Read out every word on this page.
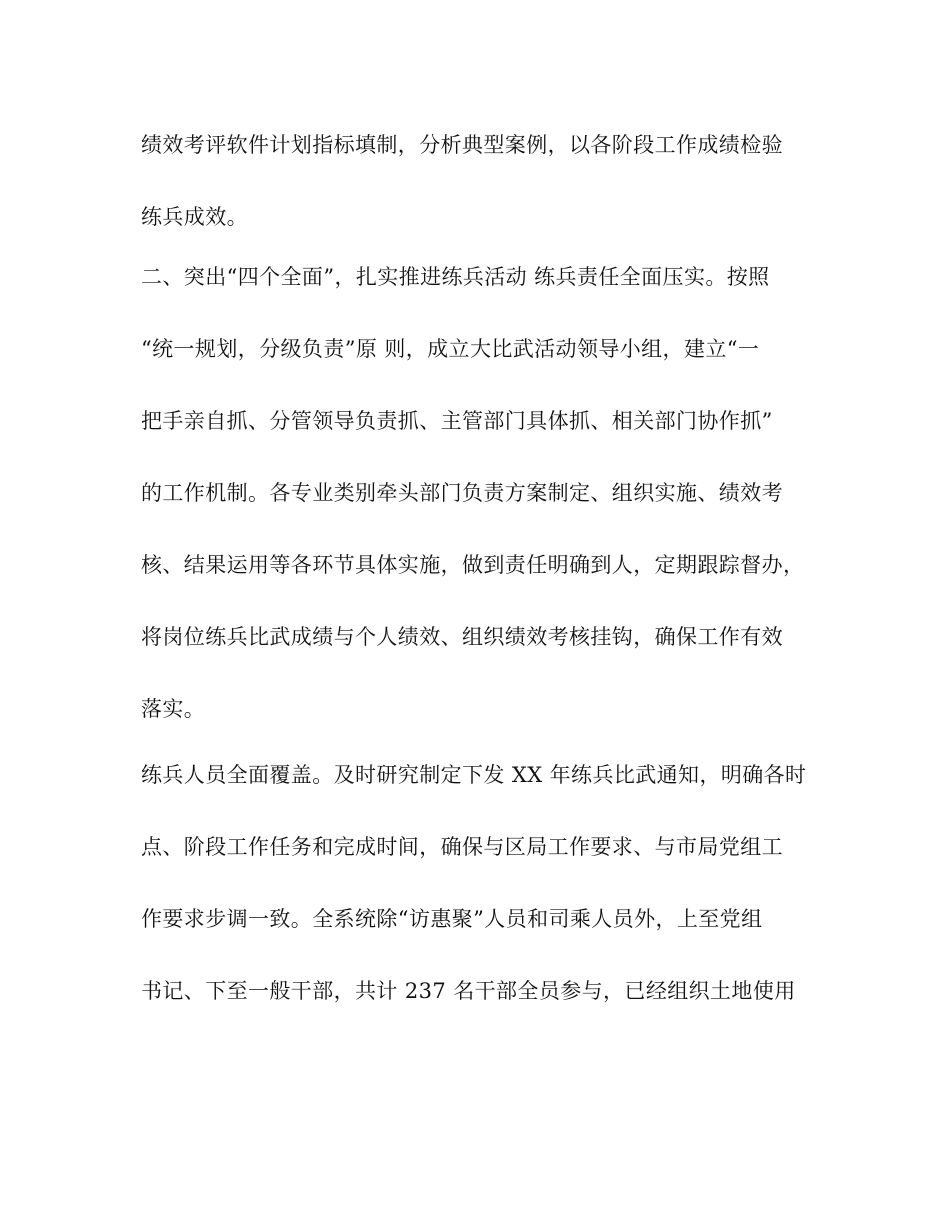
绩效考评软件计划指标填制，分析典型案例，以各阶段工作成绩检验
练兵成效。
二、突出“四个全面”，扎实推进练兵活动 练兵责任全面压实。按照
“统一规划，分级负责”原 则，成立大比武活动领导小组，建立“一
把手亲自抓、分管领导负责抓、主管部门具体抓、相关部门协作抓”
的工作机制。各专业类别牵头部门负责方案制定、组织实施、绩效考
核、结果运用等各环节具体实施，做到责任明确到人，定期跟踪督办，
将岗位练兵比武成绩与个人绩效、组织绩效考核挂钩，确保工作有效
落实。
练兵人员全面覆盖。及时研究制定下发 XX 年练兵比武通知，明确各时
点、阶段工作任务和完成时间，确保与区局工作要求、与市局党组工
作要求步调一致。全系统除“访惠聚”人员和司乘人员外，上至党组
书记、下至一般干部，共计 237 名干部全员参与，已经组织土地使用
